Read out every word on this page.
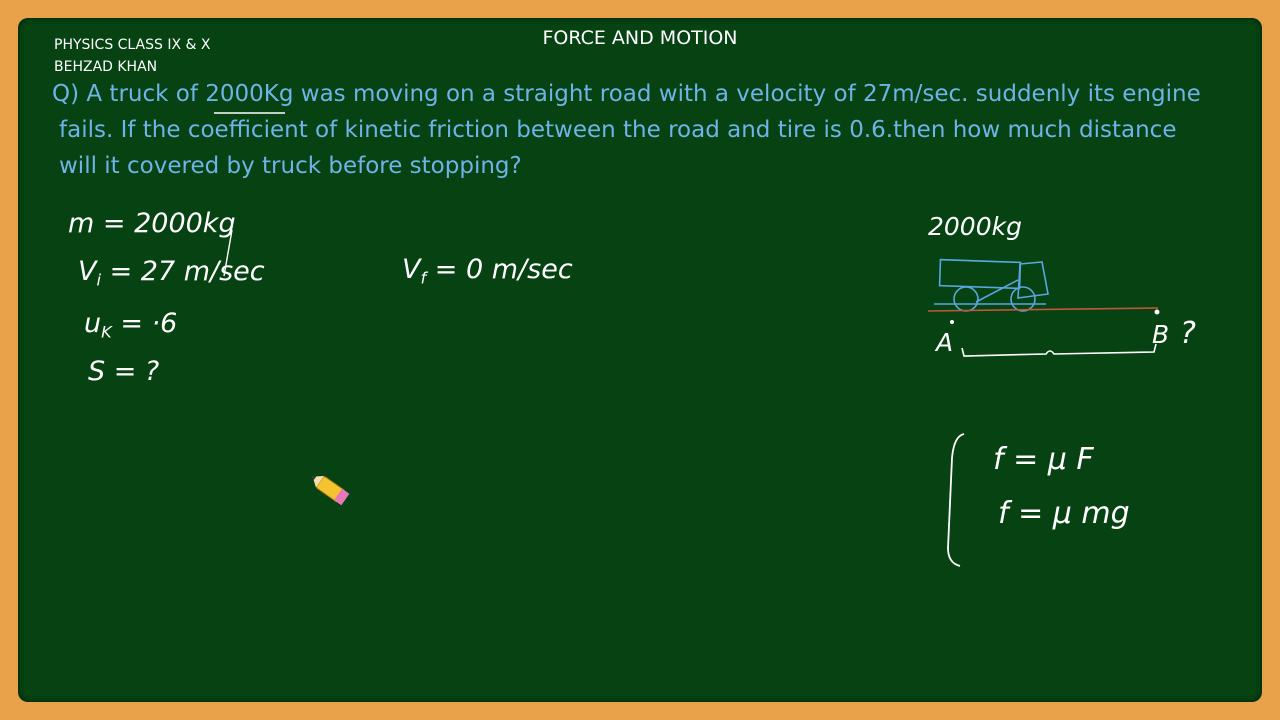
PHYSICS CLASS IX & X
BEHZAD KHAN
FORCE AND MOTION
Q) A truck of 2000Kg was moving on a straight road with a velocity of 27m/sec. suddenly its engine
fails. If the coefficient of kinetic friction between the road and tire is 0.6.then how much distance
will it covered by truck before stopping?
m = 2000kg
$V_i = 27$ m/sec
$u_K = \cdot 6$
S = ?
$V_f = 0$ m/sec
2000kg
A	B ?
f = μ F
f = μ mg
